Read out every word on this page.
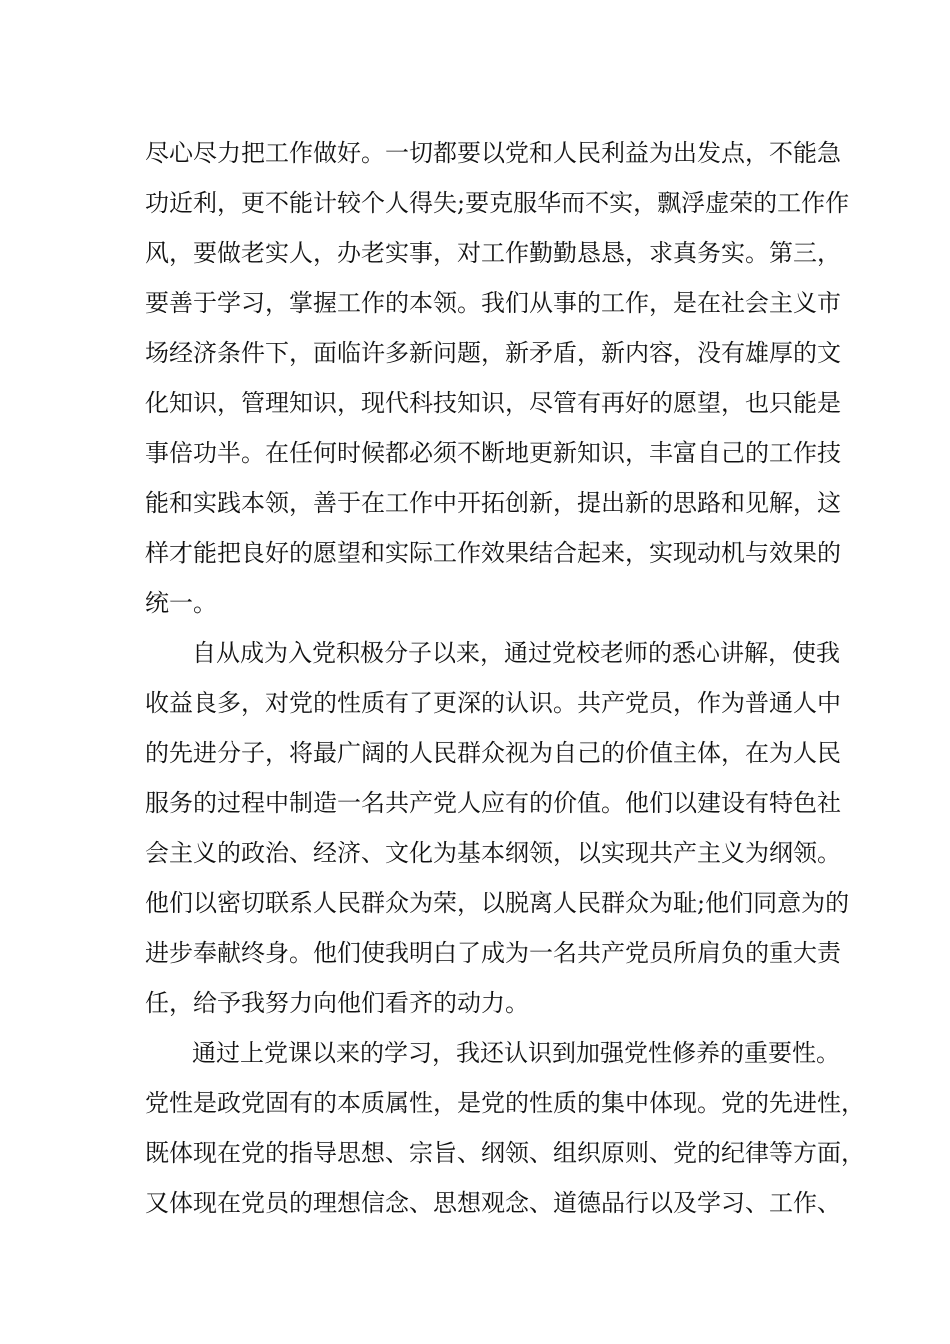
尽心尽力把工作做好。一切都要以党和人民利益为出发点，不能急
功近利，更不能计较个人得失;要克服华而不实，飘浮虚荣的工作作
风，要做老实人，办老实事，对工作勤勤恳恳，求真务实。第三，
要善于学习，掌握工作的本领。我们从事的工作，是在社会主义市
场经济条件下，面临许多新问题，新矛盾，新内容，没有雄厚的文
化知识，管理知识，现代科技知识，尽管有再好的愿望，也只能是
事倍功半。在任何时候都必须不断地更新知识，丰富自己的工作技
能和实践本领，善于在工作中开拓创新，提出新的思路和见解，这
样才能把良好的愿望和实际工作效果结合起来，实现动机与效果的
统一。
自从成为入党积极分子以来，通过党校老师的悉心讲解，使我
收益良多，对党的性质有了更深的认识。共产党员，作为普通人中
的先进分子，将最广阔的人民群众视为自己的价值主体，在为人民
服务的过程中制造一名共产党人应有的价值。他们以建设有特色社
会主义的政治、经济、文化为基本纲领，以实现共产主义为纲领。
他们以密切联系人民群众为荣，以脱离人民群众为耻;他们同意为的
进步奉献终身。他们使我明白了成为一名共产党员所肩负的重大责
任，给予我努力向他们看齐的动力。
通过上党课以来的学习，我还认识到加强党性修养的重要性。
党性是政党固有的本质属性，是党的性质的集中体现。党的先进性，
既体现在党的指导思想、宗旨、纲领、组织原则、党的纪律等方面，
又体现在党员的理想信念、思想观念、道德品行以及学习、工作、
